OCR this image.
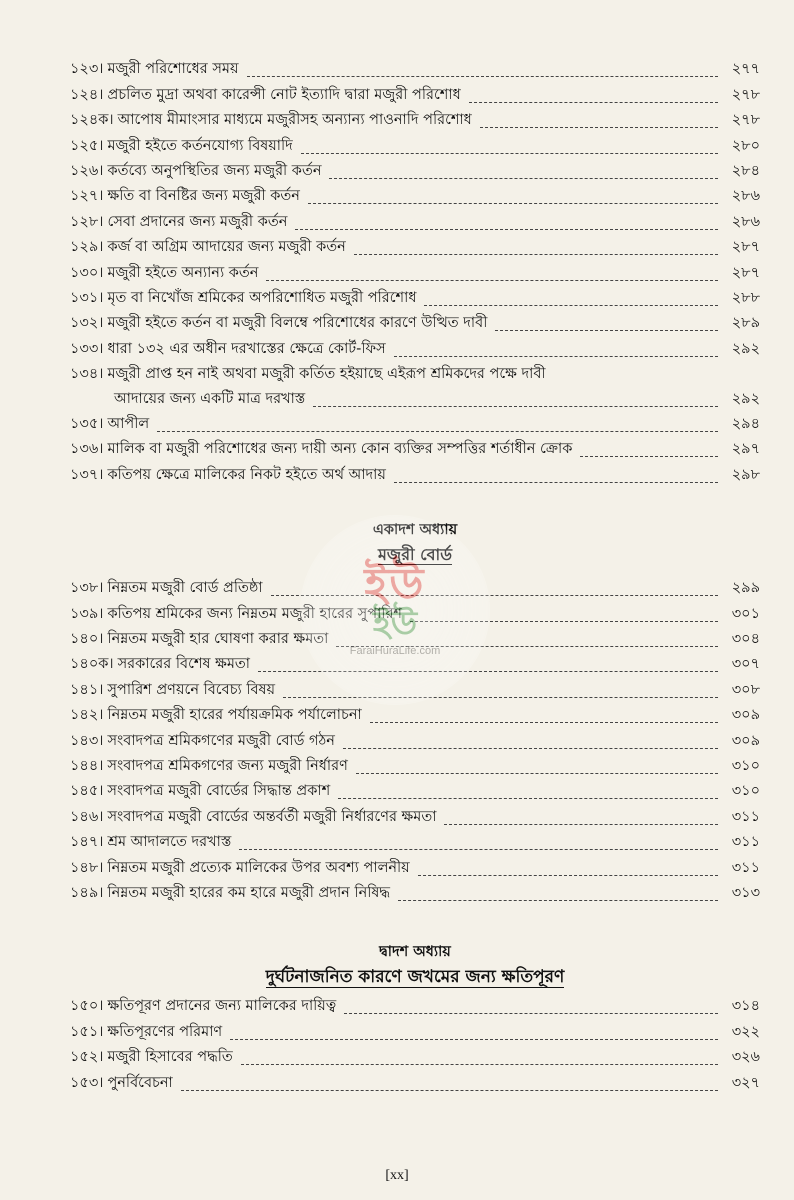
১২৩। মজুরী পরিশোধের সময়	২৭৭
১২৪। প্রচলিত মুদ্রা অথবা কারেন্সী নোট ইত্যাদি দ্বারা মজুরী পরিশোধ	২৭৮
১২৪ক। আপোষ মীমাংসার মাধ্যমে মজুরীসহ অন্যান্য পাওনাদি পরিশোধ	২৭৮
১২৫। মজুরী হইতে কর্তনযোগ্য বিষয়াদি	২৮০
১২৬। কর্তব্যে অনুপস্থিতির জন্য মজুরী কর্তন	২৮৪
১২৭। ক্ষতি বা বিনষ্টির জন্য মজুরী কর্তন	২৮৬
১২৮। সেবা প্রদানের জন্য মজুরী কর্তন	২৮৬
১২৯। কর্জ বা অগ্রিম আদায়ের জন্য মজুরী কর্তন	২৮৭
১৩০। মজুরী হইতে অন্যান্য কর্তন	২৮৭
১৩১। মৃত বা নিখোঁজ শ্রমিকের অপরিশোধিত মজুরী পরিশোধ	২৮৮
১৩২। মজুরী হইতে কর্তন বা মজুরী বিলম্বে পরিশোধের কারণে উত্থিত দাবী	২৮৯
১৩৩। ধারা ১৩২ এর অধীন দরখাস্তের ক্ষেত্রে কোর্ট-ফিস	২৯২
১৩৪। মজুরী প্রাপ্ত হন নাই অথবা মজুরী কর্তিত হইয়াছে এইরূপ শ্রমিকদের পক্ষে দাবী
আদায়ের জন্য একটি মাত্র দরখাস্ত	২৯২
১৩৫। আপীল	২৯৪
১৩৬। মালিক বা মজুরী পরিশোধের জন্য দায়ী অন্য কোন ব্যক্তির সম্পত্তির শর্তাধীন ক্রোক	২৯৭
১৩৭। কতিপয় ক্ষেত্রে মালিকের নিকট হইতে অর্থ আদায়	২৯৮
একাদশ অধ্যায়
মজুরী বোর্ড
১৩৮। নিম্নতম মজুরী বোর্ড প্রতিষ্ঠা	২৯৯
১৩৯। কতিপয় শ্রমিকের জন্য নিম্নতম মজুরী হারের সুপারিশ	৩০১
১৪০। নিম্নতম মজুরী হার ঘোষণা করার ক্ষমতা	৩০৪
১৪০ক। সরকারের বিশেষ ক্ষমতা	৩০৭
১৪১। সুপারিশ প্রণয়নে বিবেচ্য বিষয়	৩০৮
১৪২। নিম্নতম মজুরী হারের পর্যায়ক্রমিক পর্যালোচনা	৩০৯
১৪৩। সংবাদপত্র শ্রমিকগণের মজুরী বোর্ড গঠন	৩০৯
১৪৪। সংবাদপত্র শ্রমিকগণের জন্য মজুরী নির্ধারণ	৩১০
১৪৫। সংবাদপত্র মজুরী বোর্ডের সিদ্ধান্ত প্রকাশ	৩১০
১৪৬। সংবাদপত্র মজুরী বোর্ডের অন্তর্বর্তী মজুরী নির্ধারণের ক্ষমতা	৩১১
১৪৭। শ্রম আদালতে দরখাস্ত	৩১১
১৪৮। নিম্নতম মজুরী প্রত্যেক মালিকের উপর অবশ্য পালনীয়	৩১১
১৪৯। নিম্নতম মজুরী হারের কম হারে মজুরী প্রদান নিষিদ্ধ	৩১৩
দ্বাদশ অধ্যায়
দুর্ঘটনাজনিত কারণে জখমের জন্য ক্ষতিপূরণ
১৫০। ক্ষতিপূরণ প্রদানের জন্য মালিকের দায়িত্ব	৩১৪
১৫১। ক্ষতিপূরণের পরিমাণ	৩২২
১৫২। মজুরী হিসাবের পদ্ধতি	৩২৬
১৫৩। পুনর্বিবেচনা	৩২৭
ইউ
ইউ
FaraiHuraLife.com
[xx]
